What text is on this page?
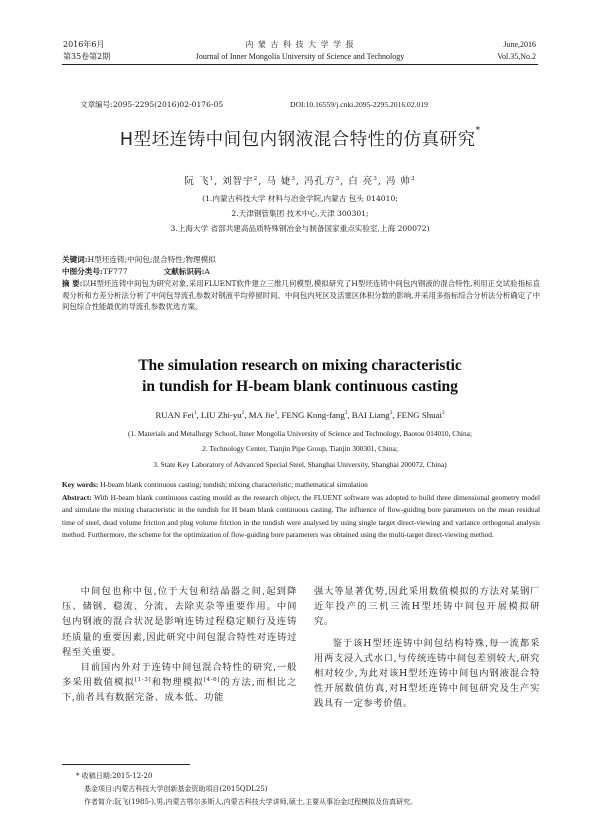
2016年6月
第35卷第2期
内 蒙 古 科 技 大 学 学 报
Journal of Inner Mongolia University of Science and Technology
June,2016
Vol.35,No.2
文章编号:2095-2295(2016)02-0176-05	DOI:10.16559/j.cnki.2095-2295.2016.02.019
H型坯连铸中间包内钢液混合特性的仿真研究*
阮 飞$^1$, 刘智宇$^2$, 马 婕$^3$, 冯孔方$^3$, 白 亮$^3$, 冯 帅$^3$
(1.内蒙古科技大学 材料与冶金学院,内蒙古 包头 014010;
2.天津钢管集团 技术中心,天津 300301;
3.上海大学 省部共建高品质特殊钢冶金与制备国家重点实验室,上海 200072)
关键词:H型坯连铸;中间包;混合特性;物理模拟
中图分类号:TF777	文献标识码:A
摘 要:以H型坯连铸中间包为研究对象,采用FLUENT软件建立三维几何模型,模拟研究了H型坯连铸中间包内钢液的混合特性,利用正交试验指标直观分析和方差分析法分析了中间包导流孔参数对钢液平均停留时间、中间包内死区及活塞区体积分数的影响,并采用多指标综合分析法分析确定了中间包综合性能最优的导流孔参数优选方案。
The simulation research on mixing characteristic
in tundish for H-beam blank continuous casting
RUAN Fei$^1$, LIU Zhi-$yu^2$, MA Jie$^3$, FENG Kong-fang$^3$, BAI Liang$^3$, FENG Shuai$^3$
(1. Materials and Metallurgy School, Inner Mongolia University of Science and Technology, Baotou 014010, China;
2. Technology Center, Tianjin Pipe Group, Tianjin 300301, China;
3. State Key Laboratory of Advanced Special Steel, Shanghai University, Shanghai 200072, China)
Key words: H-beam blank continuous casting; tundish; mixing characteristic; mathematical simulation
Abstract: With H-beam blank continuous casting mould as the research object, the FLUENT software was adopted to build three dimensional geometry model and simulate the mixing characteristic in the tundish for H beam blank continuous casting. The influence of flow-guiding bore parameters on the mean residual time of steel, dead volume friction and plug volume friction in the tundish were analysed by using single target direct-viewing and variance orthogonal analysis method. Furthermore, the scheme for the optimization of flow-guiding bore parameters was obtained using the multi-target direct-viewing method.
中间包也称中包,位于大包和结晶器之间,起到降压、储钢、稳流、分流、去除夹杂等重要作用。中间包内钢液的混合状况是影响连铸过程稳定顺行及连铸坯质量的重要因素,因此研究中间包混合特性对连铸过程至关重要。
目前国内外对于连铸中间包混合特性的研究,一般多采用数值模拟[1-3]和物理模拟[4-6]的方法,而相比之下,前者具有数据完备、成本低、功能
强大等显著优势,因此采用数值模拟的方法对某钢厂近年投产的三机三流H型坯铸中间包开展模拟研究。
鉴于该H型坯连铸中间包结构特殊,每一流都采用两支浸入式水口,与传统连铸中间包差别较大,研究相对较少,为此对该H型坯连铸中间包内钢液混合特性开展数值仿真,对H型坯连铸中间包研究及生产实践具有一定参考价值。
* 收稿日期:2015-12-20
基金项目:内蒙古科技大学创新基金资助项目(2015QDL25)
作者简介:阮飞(1985-),男,内蒙古鄂尔多斯人,内蒙古科技大学讲师,硕士,主要从事冶金过程模拟及仿真研究。
